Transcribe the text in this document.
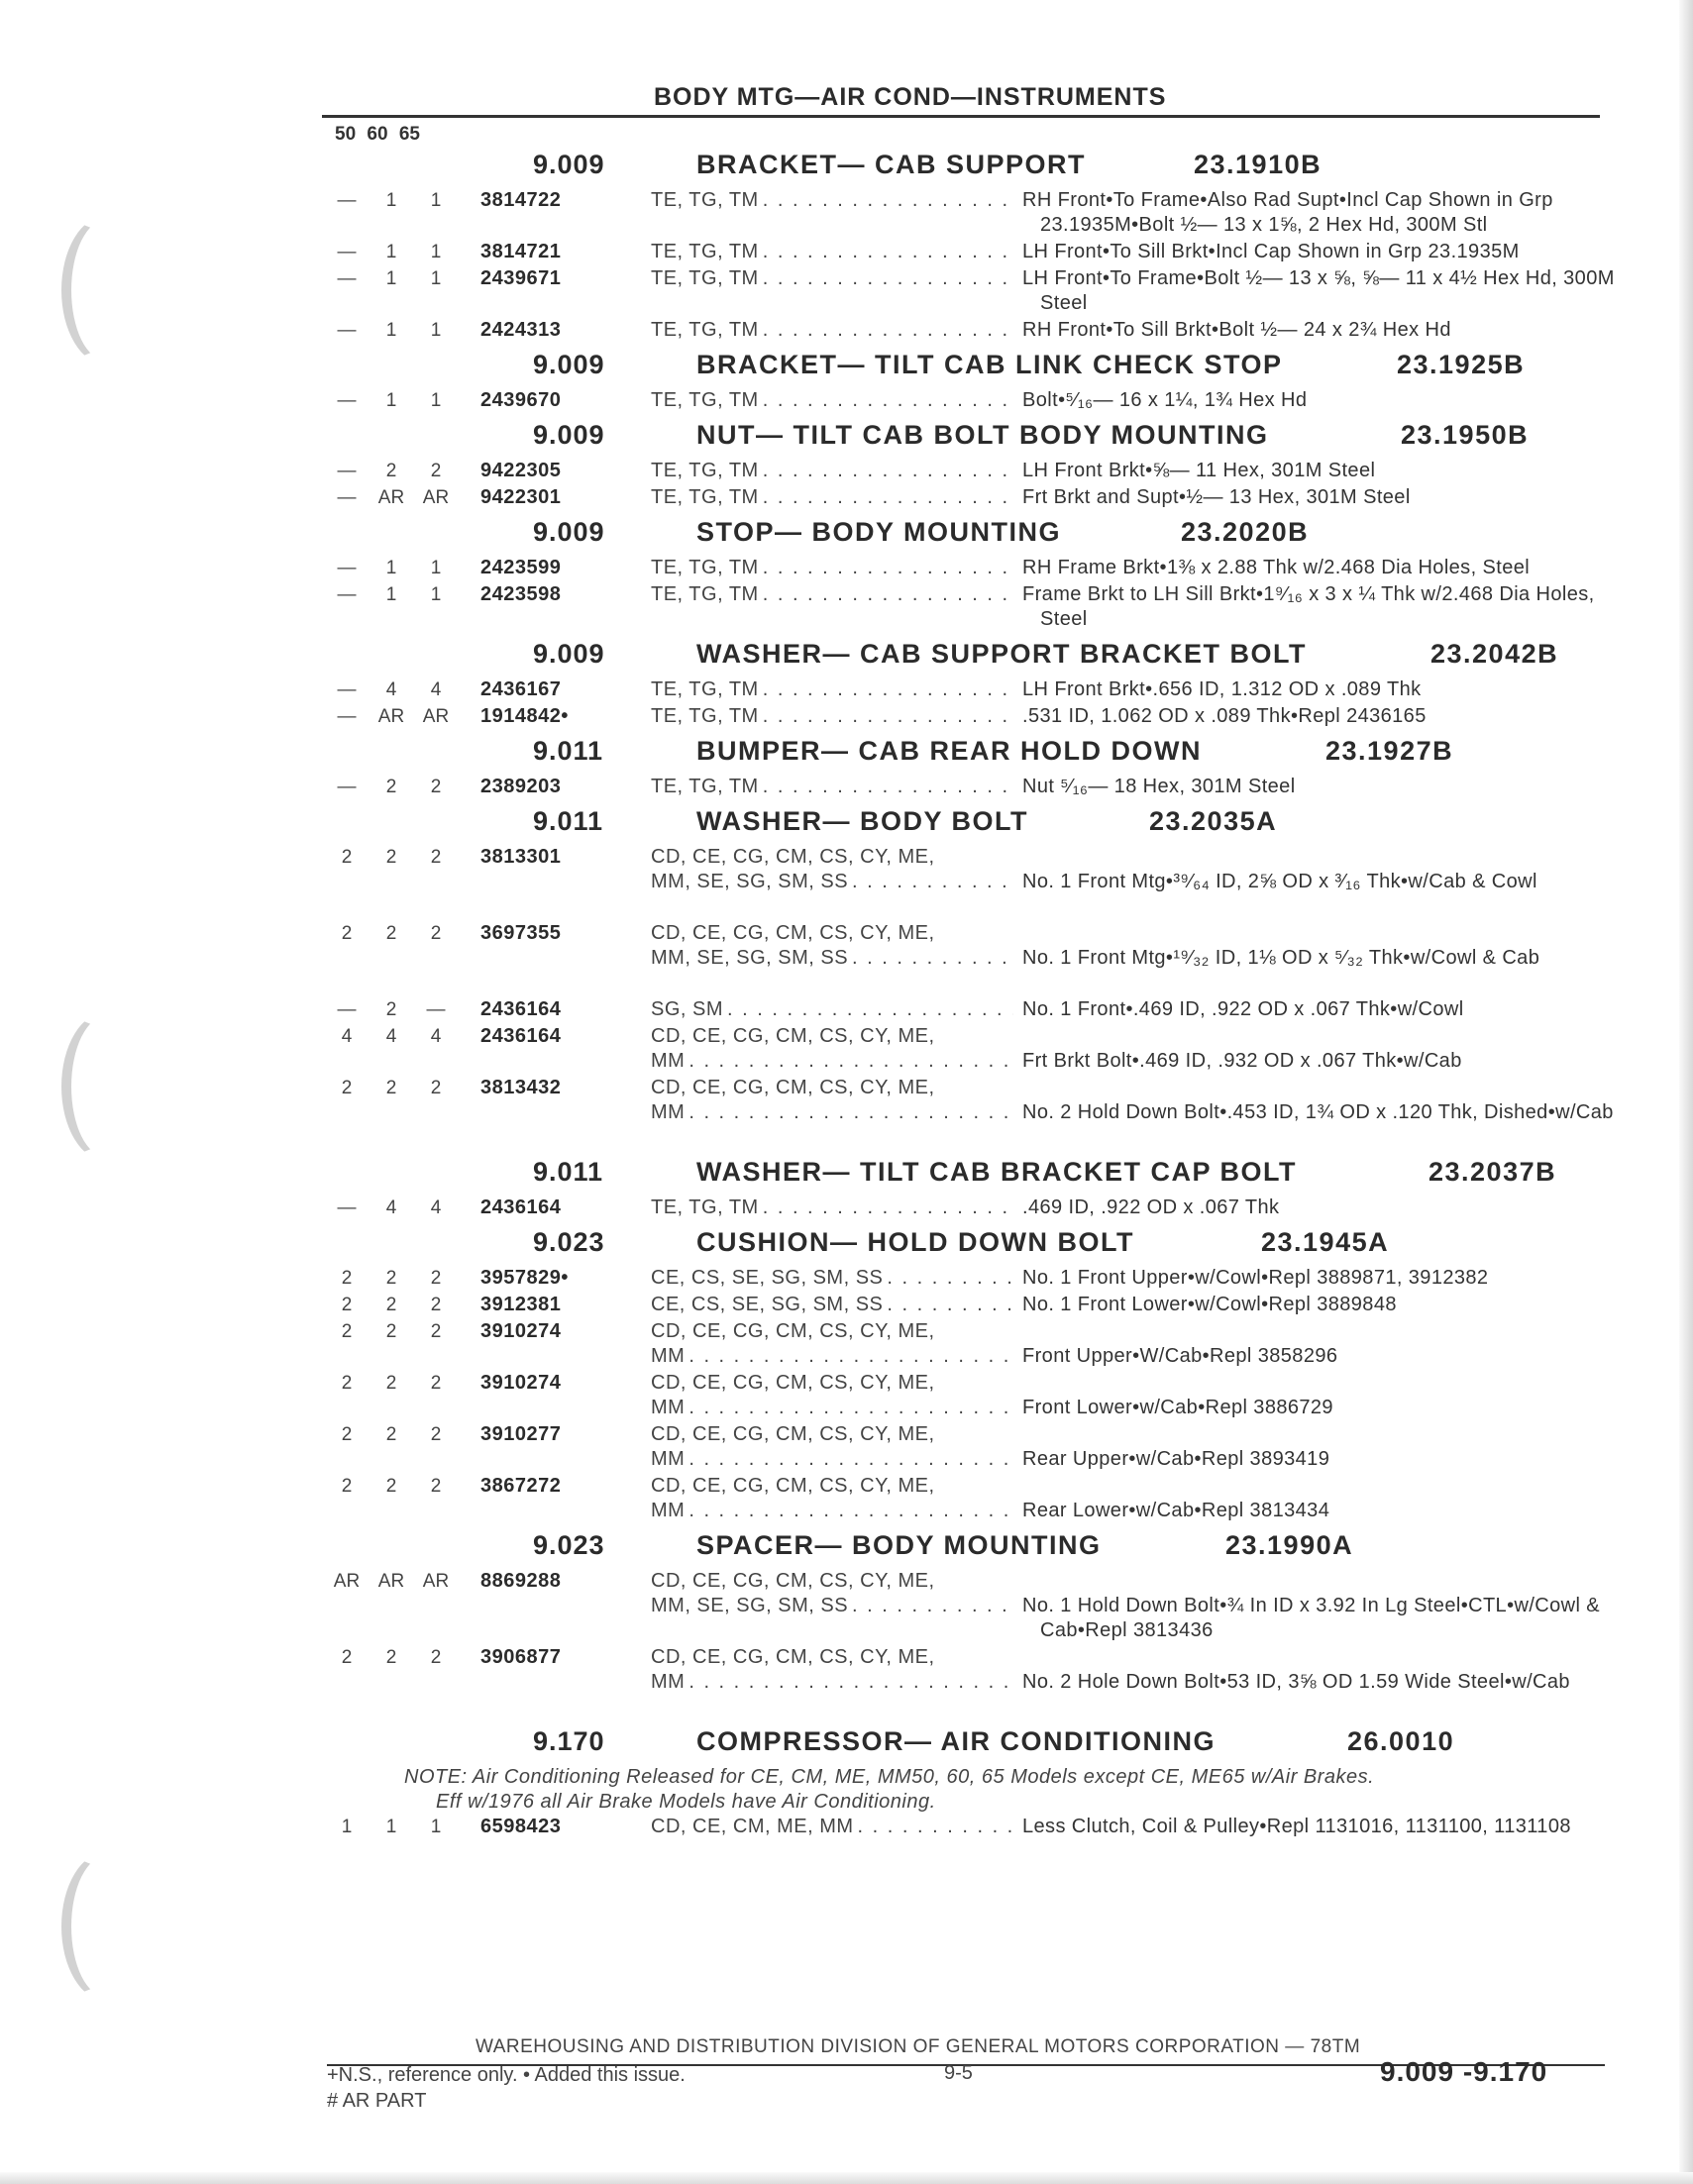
BODY MTG—AIR COND—INSTRUMENTS
50 60 65
9.009	BRACKET— CAB SUPPORT	23.1910B
—	1	1	3814722	TE, TG, TM . . .	RH Front•To Frame•Also Rad Supt•Incl Cap Shown in Grp 23.1935M•Bolt ½— 13 x 1⅝, 2 Hex Hd, 300M Stl
—	1	1	3814721	TE, TG, TM . . .	LH Front•To Sill Brkt•Incl Cap Shown in Grp 23.1935M
—	1	1	2439671	TE, TG, TM . . .	LH Front•To Frame•Bolt ½— 13 x ⅝, ⅝— 11 x 4½ Hex Hd, 300M Steel
—	1	1	2424313	TE, TG, TM . . .	RH Front•To Sill Brkt•Bolt ½— 24 x 2¾ Hex Hd
9.009	BRACKET— TILT CAB LINK CHECK STOP	23.1925B
—	1	1	2439670	TE, TG, TM . . .	Bolt•⁵⁄₁₆— 16 x 1¼, 1¾ Hex Hd
9.009	NUT— TILT CAB BOLT BODY MOUNTING	23.1950B
—	2	2	9422305	TE, TG, TM . . .	LH Front Brkt•⅝— 11 Hex, 301M Steel
—	AR AR	9422301	TE, TG, TM . . .	Frt Brkt and Supt•½— 13 Hex, 301M Steel
9.009	STOP— BODY MOUNTING	23.2020B
—	1	1	2423599	TE, TG, TM . . .	RH Frame Brkt•1⅜ x 2.88 Thk w/2.468 Dia Holes, Steel
—	1	1	2423598	TE, TG, TM . . .	Frame Brkt to LH Sill Brkt•1⁹⁄₁₆ x 3 x ¼ Thk w/2.468 Dia Holes, Steel
9.009	WASHER— CAB SUPPORT BRACKET BOLT	23.2042B
—	4	4	2436167	TE, TG, TM . . .	LH Front Brkt•.656 ID, 1.312 OD x .089 Thk
—	AR AR	1914842•	TE, TG, TM . . .	.531 ID, 1.062 OD x .089 Thk•Repl 2436165
9.011	BUMPER— CAB REAR HOLD DOWN	23.1927B
—	2	2	2389203	TE, TG, TM . . .	Nut ⁵⁄₁₆— 18 Hex, 301M Steel
9.011	WASHER— BODY BOLT	23.2035A
2	2	2	3813301	CD, CE, CG, CM, CS, CY, ME,
MM, SE, SG, SM, SS . . .	No. 1 Front Mtg•³⁹⁄₆₄ ID, 2⅝ OD x ³⁄₁₆ Thk•w/Cab & Cowl
2	2	2	3697355	CD, CE, CG, CM, CS, CY, ME,
MM, SE, SG, SM, SS . . .	No. 1 Front Mtg•¹⁹⁄₃₂ ID, 1⅛ OD x ⁵⁄₃₂ Thk•w/Cowl & Cab
—	2	—	2436164	SG, SM . . .	No. 1 Front•.469 ID, .922 OD x .067 Thk•w/Cowl
4	4	4	2436164	CD, CE, CG, CM, CS, CY, ME,
MM . . .	Frt Brkt Bolt•.469 ID, .932 OD x .067 Thk•w/Cab
2	2	2	3813432	CD, CE, CG, CM, CS, CY, ME,
MM . . .	No. 2 Hold Down Bolt•.453 ID, 1¾ OD x .120 Thk, Dished•w/Cab
9.011	WASHER— TILT CAB BRACKET CAP BOLT	23.2037B
—	4	4	2436164	TE, TG, TM . . .	.469 ID, .922 OD x .067 Thk
9.023	CUSHION— HOLD DOWN BOLT	23.1945A
2	2	2	3957829•	CE, CS, SE, SG, SM, SS . . .	No. 1 Front Upper•w/Cowl•Repl 3889871, 3912382
2	2	2	3912381	CE, CS, SE, SG, SM, SS . . .	No. 1 Front Lower•w/Cowl•Repl 3889848
2	2	2	3910274	CD, CE, CG, CM, CS, CY, ME,
MM . . .	Front Upper•W/Cab•Repl 3858296
2	2	2	3910274	CD, CE, CG, CM, CS, CY, ME,
MM . . .	Front Lower•w/Cab•Repl 3886729
2	2	2	3910277	CD, CE, CG, CM, CS, CY, ME,
MM . . .	Rear Upper•w/Cab•Repl 3893419
2	2	2	3867272	CD, CE, CG, CM, CS, CY, ME,
MM . . .	Rear Lower•w/Cab•Repl 3813434
9.023	SPACER— BODY MOUNTING	23.1990A
AR AR AR	8869288	CD, CE, CG, CM, CS, CY, ME,
MM, SE, SG, SM, SS . . .	No. 1 Hold Down Bolt•¾ In ID x 3.92 In Lg Steel•CTL•w/Cowl & Cab•Repl 3813436
2	2	2	3906877	CD, CE, CG, CM, CS, CY, ME,
MM . . .	No. 2 Hole Down Bolt•53 ID, 3⅝ OD 1.59 Wide Steel•w/Cab
9.170	COMPRESSOR— AIR CONDITIONING	26.0010
NOTE: Air Conditioning Released for CE, CM, ME, MM50, 60, 65 Models except CE, ME65 w/Air Brakes.
Eff w/1976 all Air Brake Models have Air Conditioning.
1	1	1	6598423	CD, CE, CM, ME, MM . . .	Less Clutch, Coil & Pulley•Repl 1131016, 1131100, 1131108
WAREHOUSING AND DISTRIBUTION DIVISION OF GENERAL MOTORS CORPORATION — 78TM
+N.S., reference only. • Added this issue.
# AR PART
9-5	9.009 -9.170
